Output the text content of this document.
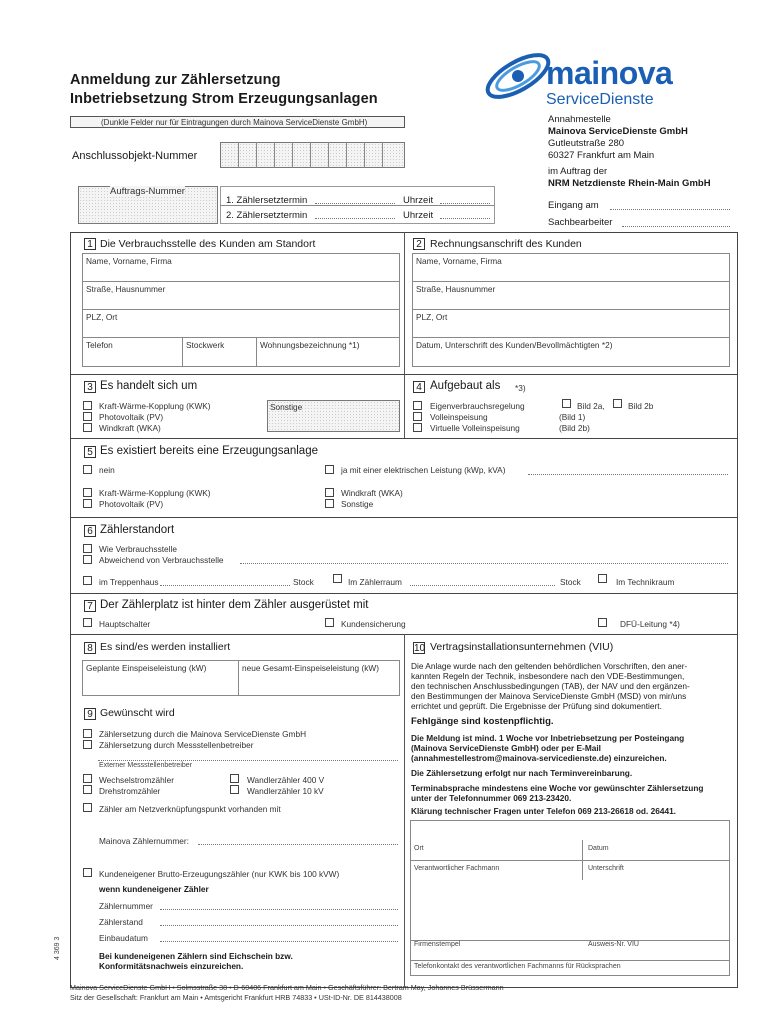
Anmeldung zur Zählersetzung
Inbetriebsetzung Strom Erzeugungsanlagen
(Dunkle Felder nur für Eintragungen durch Mainova ServiceDienste GmbH)
Anschlussobjekt-Nummer
Auftrags-Nummer
1. Zählersetztermin	Uhrzeit
2. Zählersetztermin	Uhrzeit
mainova
ServiceDienste
Annahmestelle
Mainova ServiceDienste GmbH
Gutleutstraße 280
60327 Frankfurt am Main
im Auftrag der
NRM Netzdienste Rhein-Main GmbH
Eingang am
Sachbearbeiter
1 Die Verbrauchsstelle des Kunden am Standort
Name, Vorname, Firma
Straße, Hausnummer
PLZ, Ort
Telefon	Stockwerk	Wohnungsbezeichnung *1)
2 Rechnungsanschrift des Kunden
Name, Vorname, Firma
Straße, Hausnummer
PLZ, Ort
Datum, Unterschrift des Kunden/Bevollmächtigten *2)
3 Es handelt sich um
Kraft-Wärme-Kopplung (KWK)
Photovoltaik (PV)
Windkraft (WKA)
Sonstige
4 Aufgebaut als *3)
Eigenverbrauchsregelung
Volleinspeisung
Virtuelle Volleinspeisung
Bild 2a,	Bild 2b
(Bild 1)
(Bild 2b)
5 Es existiert bereits eine Erzeugungsanlage
nein	ja mit einer elektrischen Leistung (kWp, kVA)
Kraft-Wärme-Kopplung (KWK)
Photovoltaik (PV)
Windkraft (WKA)
Sonstige
6 Zählerstandort
Wie Verbrauchsstelle
Abweichend von Verbrauchsstelle
im Treppenhaus	Stock	Im Zählerraum	Stock	Im Technikraum
7 Der Zählerplatz ist hinter dem Zähler ausgerüstet mit
Hauptschalter	Kundensicherung	DFÜ-Leitung *4)
8 Es sind/es werden installiert
Geplante Einspeiseleistung (kW)	neue Gesamt-Einspeiseleistung (kW)
9 Gewünscht wird
Zählersetzung durch die Mainova ServiceDienste GmbH
Zählersetzung durch Messstellenbetreiber
Externer Messstellenbetreiber
Wechselstromzähler
Drehstromzähler
Wandlerzähler 400 V
Wandlerzähler 10 kV
Zähler am Netzverknüpfungspunkt vorhanden mit
Mainova Zählernummer:
Kundeneigener Brutto-Erzeugungszähler (nur KWK bis 100 kVW)
wenn kundeneigener Zähler
Zählernummer
Zählerstand
Einbaudatum
Bei kundeneigenen Zählern sind Eichschein bzw.
Konformitätsnachweis einzureichen.
10 Vertragsinstallationsunternehmen (VIU)
Die Anlage wurde nach den geltenden behördlichen Vorschriften, den aner-
kannten Regeln der Technik, insbesondere nach den VDE-Bestimmungen,
den technischen Anschlussbedingungen (TAB), der NAV und den ergänzen-
den Bestimmungen der Mainova ServiceDienste GmbH (MSD) von mir/uns
errichtet und geprüft. Die Ergebnisse der Prüfung sind dokumentiert.
Fehlgänge sind kostenpflichtig.
Die Meldung ist mind. 1 Woche vor Inbetriebsetzung per Posteingang
(Mainova ServiceDienste GmbH) oder per E-Mail
(annahmestellestrom@mainova-servicedienste.de) einzureichen.
Die Zählersetzung erfolgt nur nach Terminvereinbarung.
Terminabsprache mindestens eine Woche vor gewünschter Zählersetzung
unter der Telefonnummer 069 213-23420.
Klärung technischer Fragen unter Telefon 069 213-26618 od. 26441.
Ort	Datum
Verantwortlicher Fachmann	Unterschrift
Firmenstempel	Ausweis-Nr. VIU
Telefonkontakt des verantwortlichen Fachmanns für Rücksprachen
4 369 3
Mainova ServiceDienste GmbH • Solmsstraße 38 • D-60486 Frankfurt am Main • Geschäftsführer: Bertram May, Johannes Brüssermann
Sitz der Gesellschaft: Frankfurt am Main • Amtsgericht Frankfurt HRB 74833 • USt-ID-Nr. DE 814438008
